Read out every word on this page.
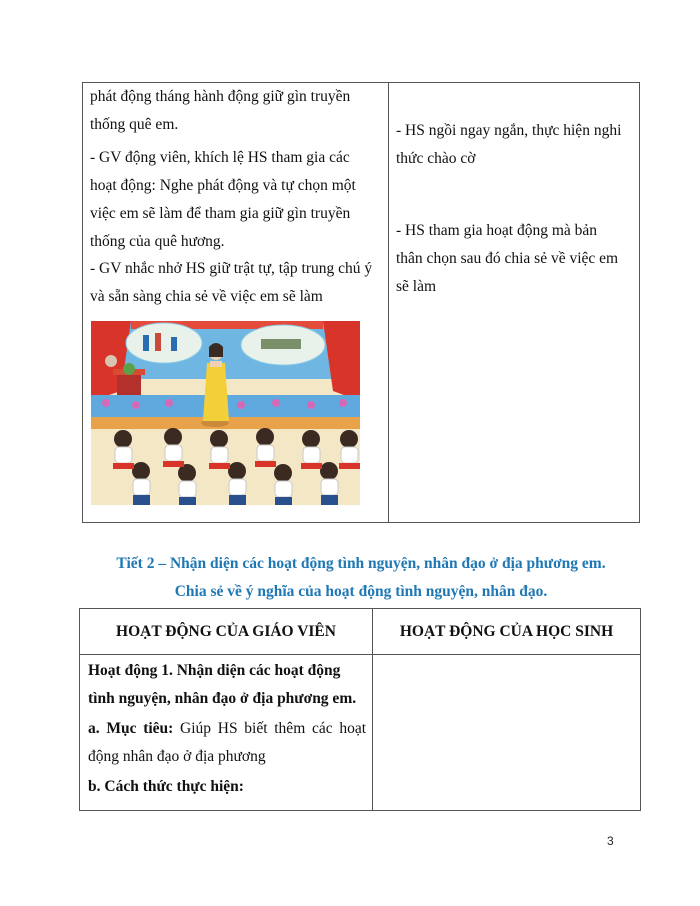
phát động tháng hành động giữ gìn truyền

thống quê em.

- GV động viên, khích lệ HS tham gia các

hoạt động: Nghe phát động và tự chọn một

việc em sẽ làm để tham gia giữ gìn truyền

thống của quê hương.

- GV nhắc nhở HS giữ trật tự, tập trung chú ý

và sẵn sàng chia sẻ về việc em sẽ làm

- HS ngồi ngay ngắn, thực hiện nghi

thức chào cờ

- HS tham gia hoạt động mà bản

thân chọn sau đó chia sẻ về việc em

sẽ làm

Tiết 2 – Nhận diện các hoạt động tình nguyện, nhân đạo ở địa phương em.
Chia sẻ về ý nghĩa của hoạt động tình nguyện, nhân đạo.
HOẠT ĐỘNG CỦA GIÁO VIÊN	HOẠT ĐỘNG CỦA HỌC SINH

Hoạt động 1. Nhận diện các hoạt động

tình nguyện, nhân đạo ở địa phương em.

a. Mục tiêu: Giúp HS biết thêm các hoạt

động nhân đạo ở địa phương

b. Cách thức thực hiện:

3
